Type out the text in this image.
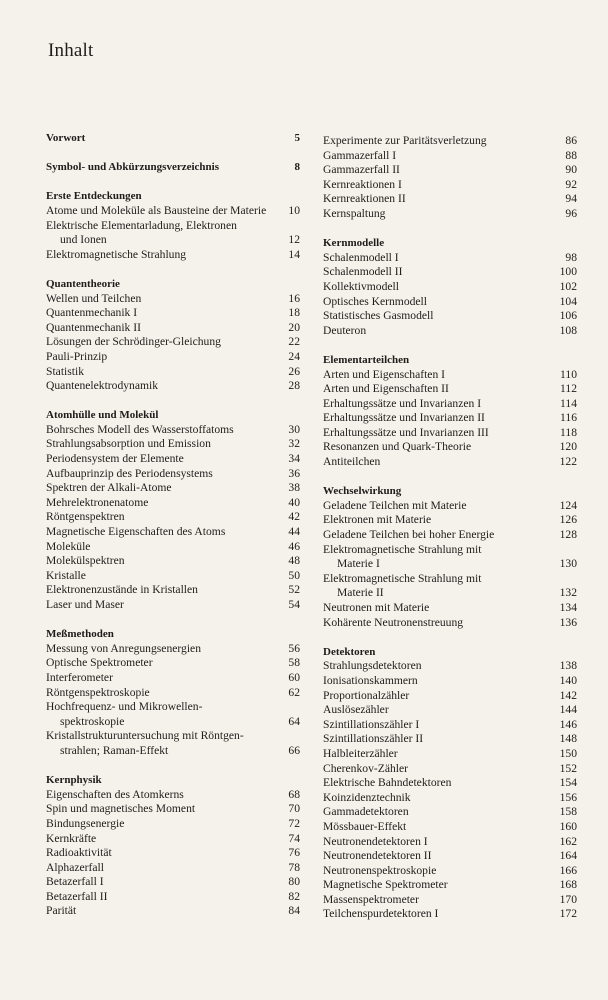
Inhalt
Vorwort	5
Symbol- und Abkürzungsverzeichnis	8
Erste Entdeckungen
Atome und Moleküle als Bausteine der Materie	10
Elektrische Elementarladung, Elektronen
und Ionen	12
Elektromagnetische Strahlung	14
Quantentheorie
Wellen und Teilchen	16
Quantenmechanik I	18
Quantenmechanik II	20
Lösungen der Schrödinger-Gleichung	22
Pauli-Prinzip	24
Statistik	26
Quantenelektrodynamik	28
Atomhülle und Molekül
Bohrsches Modell des Wasserstoffatoms	30
Strahlungsabsorption und Emission	32
Periodensystem der Elemente	34
Aufbauprinzip des Periodensystems	36
Spektren der Alkali-Atome	38
Mehrelektronenatome	40
Röntgenspektren	42
Magnetische Eigenschaften des Atoms	44
Moleküle	46
Molekülspektren	48
Kristalle	50
Elektronenzustände in Kristallen	52
Laser und Maser	54
Meßmethoden
Messung von Anregungsenergien	56
Optische Spektrometer	58
Interferometer	60
Röntgenspektroskopie	62
Hochfrequenz- und Mikrowellen-
spektroskopie	64
Kristallstrukturuntersuchung mit Röntgen-
strahlen; Raman-Effekt	66
Kernphysik
Eigenschaften des Atomkerns	68
Spin und magnetisches Moment	70
Bindungsenergie	72
Kernkräfte	74
Radioaktivität	76
Alphazerfall	78
Betazerfall I	80
Betazerfall II	82
Parität	84
Experimente zur Paritätsverletzung	86
Gammazerfall I	88
Gammazerfall II	90
Kernreaktionen I	92
Kernreaktionen II	94
Kernspaltung	96
Kernmodelle
Schalenmodell I	98
Schalenmodell II	100
Kollektivmodell	102
Optisches Kernmodell	104
Statistisches Gasmodell	106
Deuteron	108
Elementarteilchen
Arten und Eigenschaften I	110
Arten und Eigenschaften II	112
Erhaltungssätze und Invarianzen I	114
Erhaltungssätze und Invarianzen II	116
Erhaltungssätze und Invarianzen III	118
Resonanzen und Quark-Theorie	120
Antiteilchen	122
Wechselwirkung
Geladene Teilchen mit Materie	124
Elektronen mit Materie	126
Geladene Teilchen bei hoher Energie	128
Elektromagnetische Strahlung mit
Materie I	130
Elektromagnetische Strahlung mit
Materie II	132
Neutronen mit Materie	134
Kohärente Neutronenstreuung	136
Detektoren
Strahlungsdetektoren	138
Ionisationskammern	140
Proportionalzähler	142
Auslösezähler	144
Szintillationszähler I	146
Szintillationszähler II	148
Halbleiterzähler	150
Cherenkov-Zähler	152
Elektrische Bahndetektoren	154
Koinzidenztechnik	156
Gammadetektoren	158
Mössbauer-Effekt	160
Neutronendetektoren I	162
Neutronendetektoren II	164
Neutronenspektroskopie	166
Magnetische Spektrometer	168
Massenspektrometer	170
Teilchenspurdetektoren I	172
